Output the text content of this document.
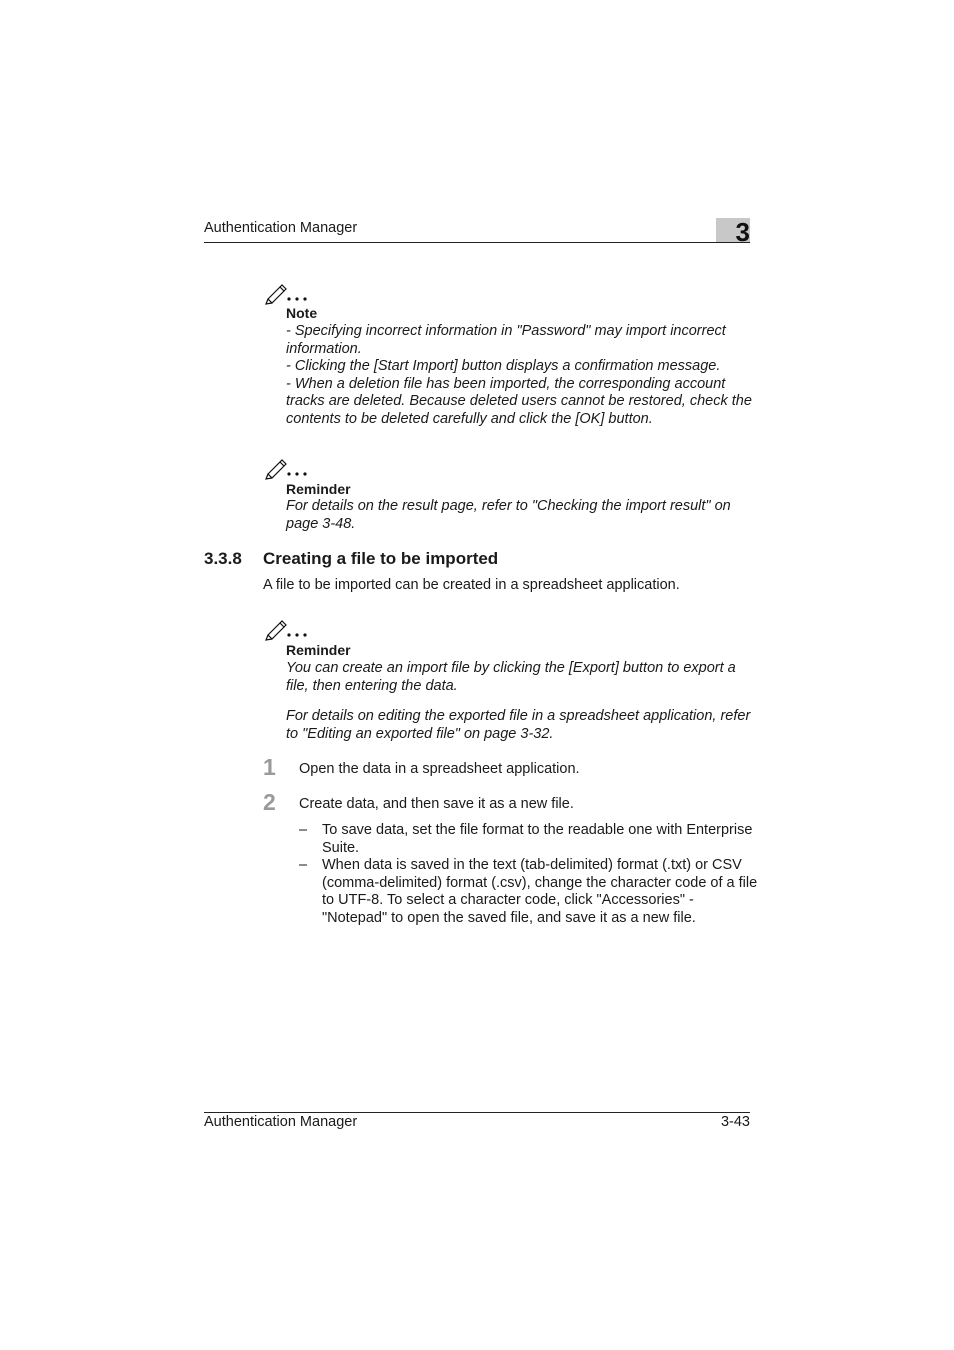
Authentication Manager	3
Note
- Specifying incorrect information in "Password" may import incorrect
information.
- Clicking the [Start Import] button displays a confirmation message.
- When a deletion file has been imported, the corresponding account
tracks are deleted. Because deleted users cannot be restored, check the
contents to be deleted carefully and click the [OK] button.
Reminder
For details on the result page, refer to "Checking the import result" on
page 3-48.
3.3.8 Creating a file to be imported
A file to be imported can be created in a spreadsheet application.
Reminder
You can create an import file by clicking the [Export] button to export a
file, then entering the data.
For details on editing the exported file in a spreadsheet application, refer
to "Editing an exported file" on page 3-32.
1 Open the data in a spreadsheet application.
2 Create data, and then save it as a new file.
– To save data, set the file format to the readable one with Enterprise
Suite.
– When data is saved in the text (tab-delimited) format (.txt) or CSV
(comma-delimited) format (.csv), change the character code of a file
to UTF-8. To select a character code, click "Accessories" -
"Notepad" to open the saved file, and save it as a new file.
Authentication Manager	3-43
